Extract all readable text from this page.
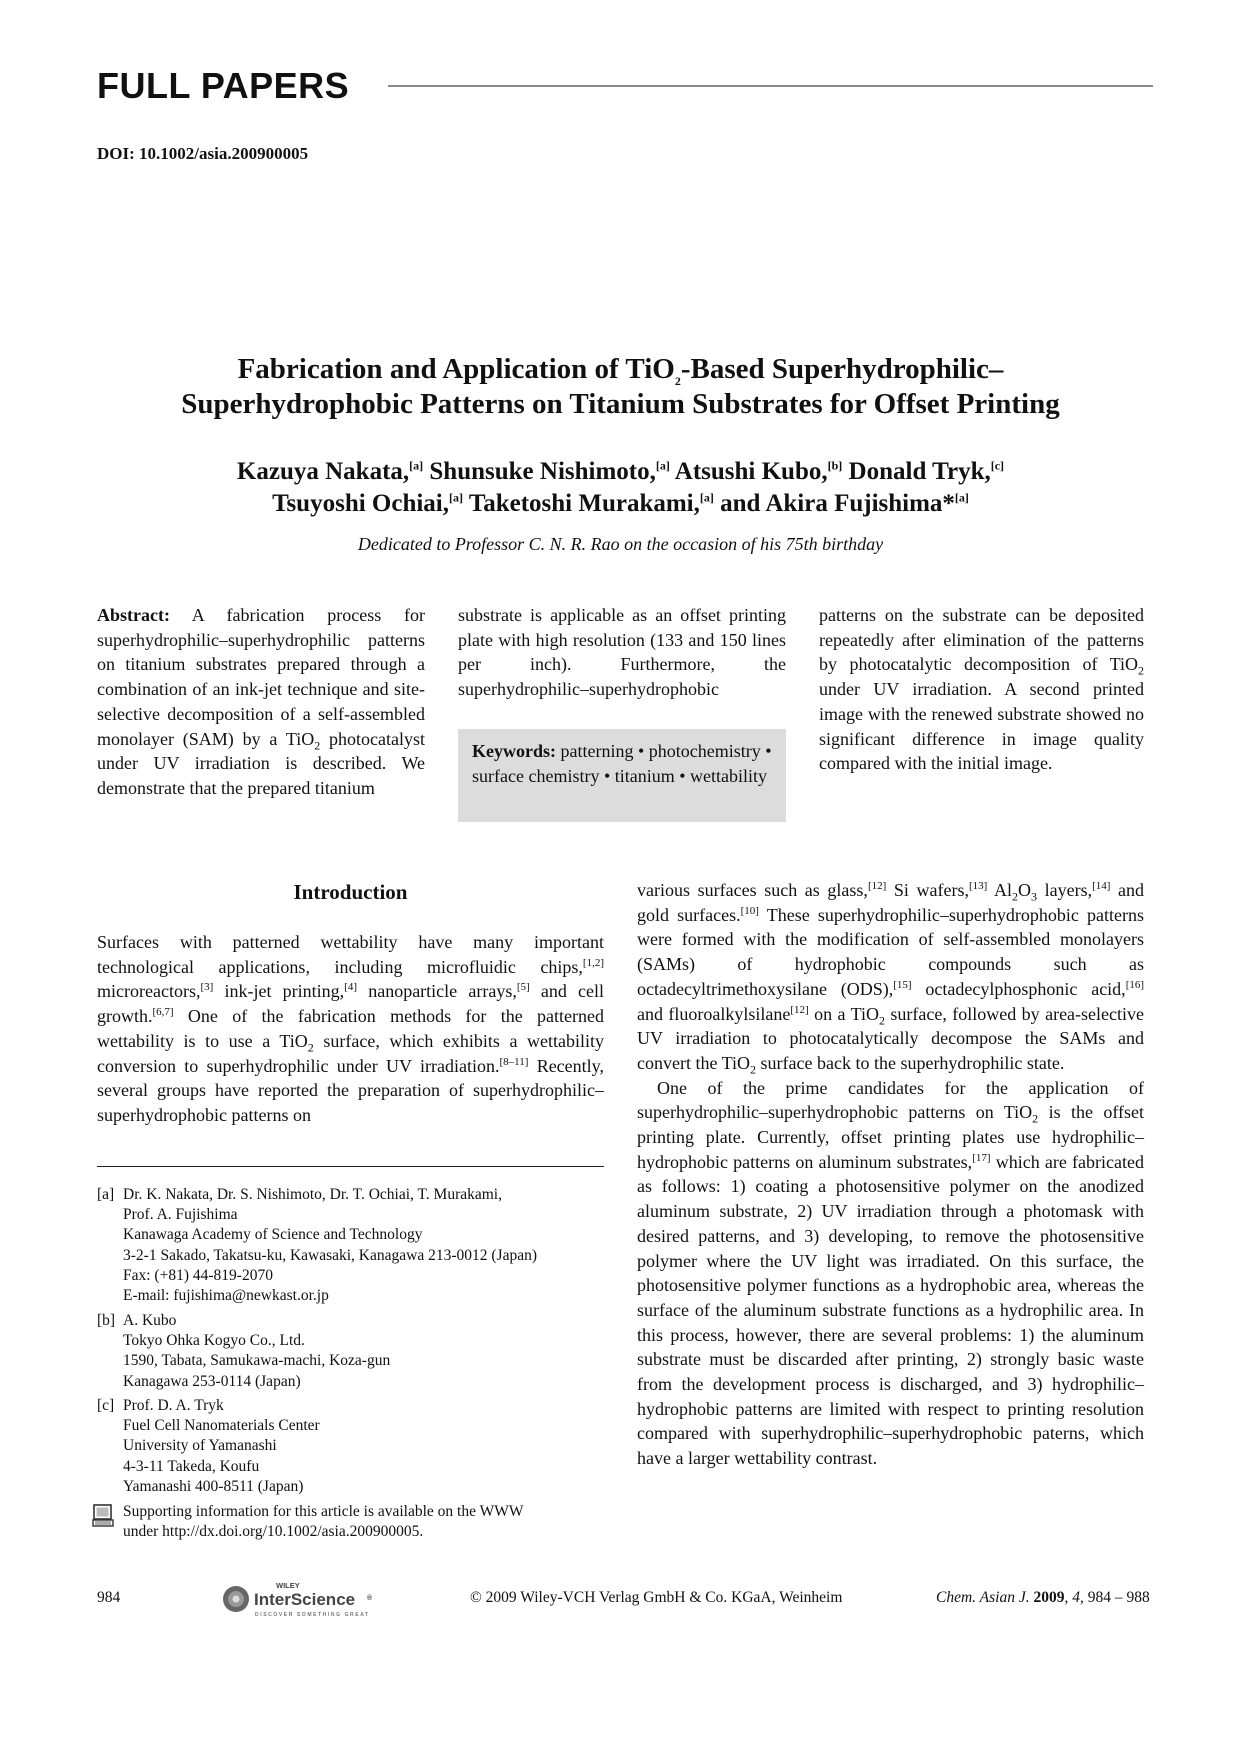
FULL PAPERS
DOI: 10.1002/asia.200900005
Fabrication and Application of TiO$_2$-Based Superhydrophilic–
Superhydrophobic Patterns on Titanium Substrates for Offset Printing
Kazuya Nakata,[a] Shunsuke Nishimoto,[a] Atsushi Kubo,[b] Donald Tryk,[c]
Tsuyoshi Ochiai,[a] Taketoshi Murakami,[a] and Akira Fujishima*[a]
Dedicated to Professor C. N. R. Rao on the occasion of his 75th birthday
Abstract: A fabrication process for superhydrophilic–superhydrophilic patterns on titanium substrates prepared through a combination of an ink-jet technique and site-selective decomposition of a self-assembled monolayer (SAM) by a TiO$_2$ photocatalyst under UV irradiation is described. We demonstrate that the prepared titanium
substrate is applicable as an offset printing plate with high resolution (133 and 150 lines per inch). Furthermore, the superhydrophilic–superhydrophobic
Keywords: patterning • photochemistry • surface chemistry • titanium • wettability
patterns on the substrate can be deposited repeatedly after elimination of the patterns by photocatalytic decomposition of TiO$_2$ under UV irradiation. A second printed image with the renewed substrate showed no significant difference in image quality compared with the initial image.
Introduction

Surfaces with patterned wettability have many important technological applications, including microfluidic chips,[1,2] microreactors,[3] ink-jet printing,[4] nanoparticle arrays,[5] and cell growth.[6,7] One of the fabrication methods for the patterned wettability is to use a TiO$_2$ surface, which exhibits a wettability conversion to superhydrophilic under UV irradiation.[8–11] Recently, several groups have reported the preparation of superhydrophilic–superhydrophobic patterns on

[a] Dr. K. Nakata, Dr. S. Nishimoto, Dr. T. Ochiai, T. Murakami,
Prof. A. Fujishima
Kanawaga Academy of Science and Technology
3-2-1 Sakado, Takatsu-ku, Kawasaki, Kanagawa 213-0012 (Japan)
Fax: (+81) 44-819-2070
E-mail: fujishima@newkast.or.jp
[b] A. Kubo
Tokyo Ohka Kogyo Co., Ltd.
1590, Tabata, Samukawa-machi, Koza-gun
Kanagawa 253-0114 (Japan)
[c] Prof. D. A. Tryk
Fuel Cell Nanomaterials Center
University of Yamanashi
4-3-11 Takeda, Koufu
Yamanashi 400-8511 (Japan)
Supporting information for this article is available on the WWW
under http://dx.doi.org/10.1002/asia.200900005.

various surfaces such as glass,[12] Si wafers,[13] $Al_2O_3$ layers,[14] and gold surfaces.[10] These superhydrophilic–superhydrophobic patterns were formed with the modification of self-assembled monolayers (SAMs) of hydrophobic compounds such as octadecyltrimethoxysilane (ODS),[15] octadecylphosphonic acid,[16] and fluoroalkylsilane[12] on a TiO$_2$ surface, followed by area-selective UV irradiation to photocatalytically decompose the SAMs and convert the TiO$_2$ surface back to the superhydrophilic state.

One of the prime candidates for the application of superhydrophilic–superhydrophobic patterns on TiO$_2$ is the offset printing plate. Currently, offset printing plates use hydrophilic–hydrophobic patterns on aluminum substrates,[17] which are fabricated as follows: 1) coating a photosensitive polymer on the anodized aluminum substrate, 2) UV irradiation through a photomask with desired patterns, and 3) developing, to remove the photosensitive polymer where the UV light was irradiated. On this surface, the photosensitive polymer functions as a hydrophobic area, whereas the surface of the aluminum substrate functions as a hydrophilic area. In this process, however, there are several problems: 1) the aluminum substrate must be discarded after printing, 2) strongly basic waste from the development process is discharged, and 3) hydrophilic–hydrophobic patterns are limited with respect to printing resolution compared with superhydrophilic–superhydrophobic paterns, which have a larger wettability contrast.

984
WILEY
InterScience ®
DISCOVER SOMETHING GREAT
© 2009 Wiley-VCH Verlag GmbH & Co. KGaA, Weinheim	Chem. Asian J. 2009, 4, 984 – 988
